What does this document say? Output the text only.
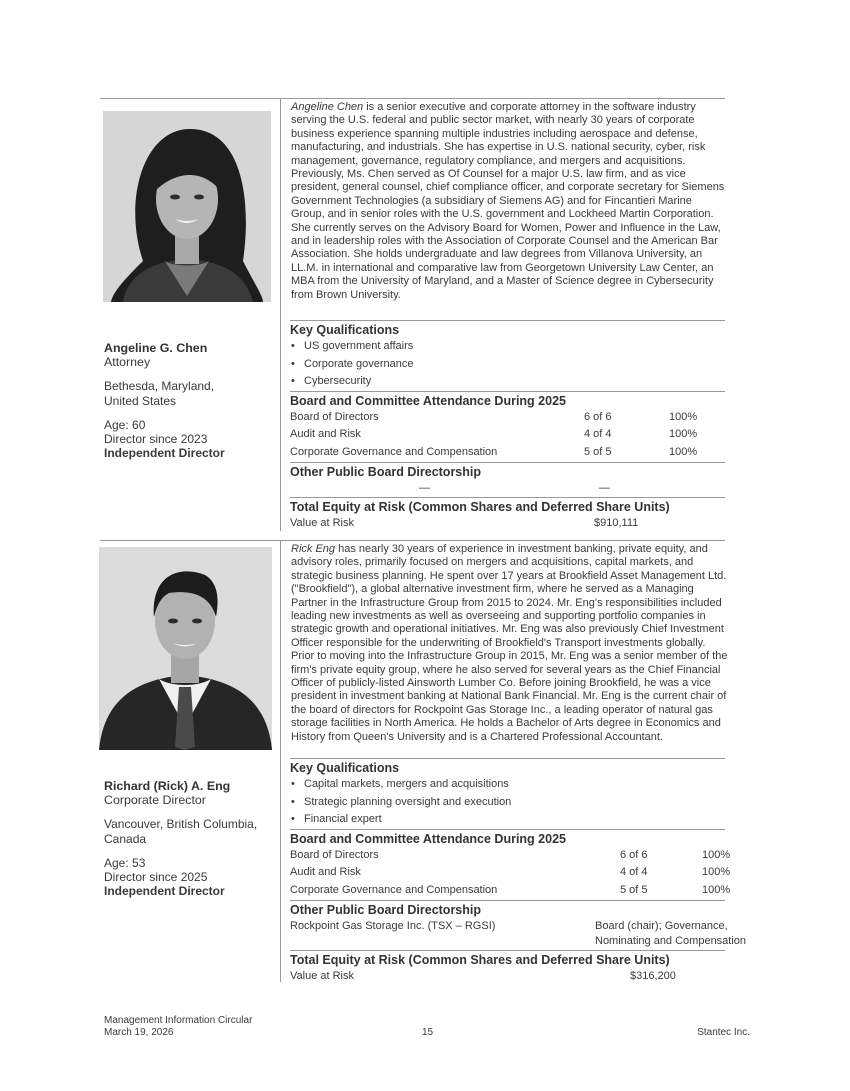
Angeline G. Chen
Attorney
Bethesda, Maryland,
United States
Age: 60
Director since 2023
Independent Director

Angeline Chen is a senior executive and corporate attorney in the software industry serving the U.S. federal and public sector market, with nearly 30 years of corporate business experience spanning multiple industries including aerospace and defense, manufacturing, and industrials. She has expertise in U.S. national security, cyber, risk management, governance, regulatory compliance, and mergers and acquisitions. Previously, Ms. Chen served as Of Counsel for a major U.S. law firm, and as vice president, general counsel, chief compliance officer, and corporate secretary for Siemens Government Technologies (a subsidiary of Siemens AG) and for Fincantieri Marine Group, and in senior roles with the U.S. government and Lockheed Martin Corporation. She currently serves on the Advisory Board for Women, Power and Influence in the Law, and in leadership roles with the Association of Corporate Counsel and the American Bar Association. She holds undergraduate and law degrees from Villanova University, an LL.M. in international and comparative law from Georgetown University Law Center, an MBA from the University of Maryland, and a Master of Science degree in Cybersecurity from Brown University.

Key Qualifications
• US government affairs
• Corporate governance
• Cybersecurity
Board and Committee Attendance During 2025
Board of Directors	6 of 6	100%
Audit and Risk	4 of 4	100%
Corporate Governance and Compensation	5 of 5	100%
Other Public Board Directorship
—	—
Total Equity at Risk (Common Shares and Deferred Share Units)
Value at Risk	$910,111
Richard (Rick) A. Eng
Corporate Director
Vancouver, British Columbia,
Canada
Age: 53
Director since 2025
Independent Director

Rick Eng has nearly 30 years of experience in investment banking, private equity, and advisory roles, primarily focused on mergers and acquisitions, capital markets, and strategic business planning. He spent over 17 years at Brookfield Asset Management Ltd. ("Brookfield"), a global alternative investment firm, where he served as a Managing Partner in the Infrastructure Group from 2015 to 2024. Mr. Eng's responsibilities included leading new investments as well as overseeing and supporting portfolio companies in strategic growth and operational initiatives. Mr. Eng was also previously Chief Investment Officer responsible for the underwriting of Brookfield's Transport investments globally. Prior to moving into the Infrastructure Group in 2015, Mr. Eng was a senior member of the firm's private equity group, where he also served for several years as the Chief Financial Officer of publicly-listed Ainsworth Lumber Co. Before joining Brookfield, he was a vice president in investment banking at National Bank Financial. Mr. Eng is the current chair of the board of directors for Rockpoint Gas Storage Inc., a leading operator of natural gas storage facilities in North America. He holds a Bachelor of Arts degree in Economics and History from Queen's University and is a Chartered Professional Accountant.

Key Qualifications
• Capital markets, mergers and acquisitions
• Strategic planning oversight and execution
• Financial expert
Board and Committee Attendance During 2025
Board of Directors	6 of 6	100%
Audit and Risk	4 of 4	100%
Corporate Governance and Compensation	5 of 5	100%
Other Public Board Directorship
Rockpoint Gas Storage Inc. (TSX – RGSI)	Board (chair); Governance,
Nominating and Compensation
Total Equity at Risk (Common Shares and Deferred Share Units)
Value at Risk	$316,200
Management Information Circular
March 19, 2026	15	Stantec Inc.
